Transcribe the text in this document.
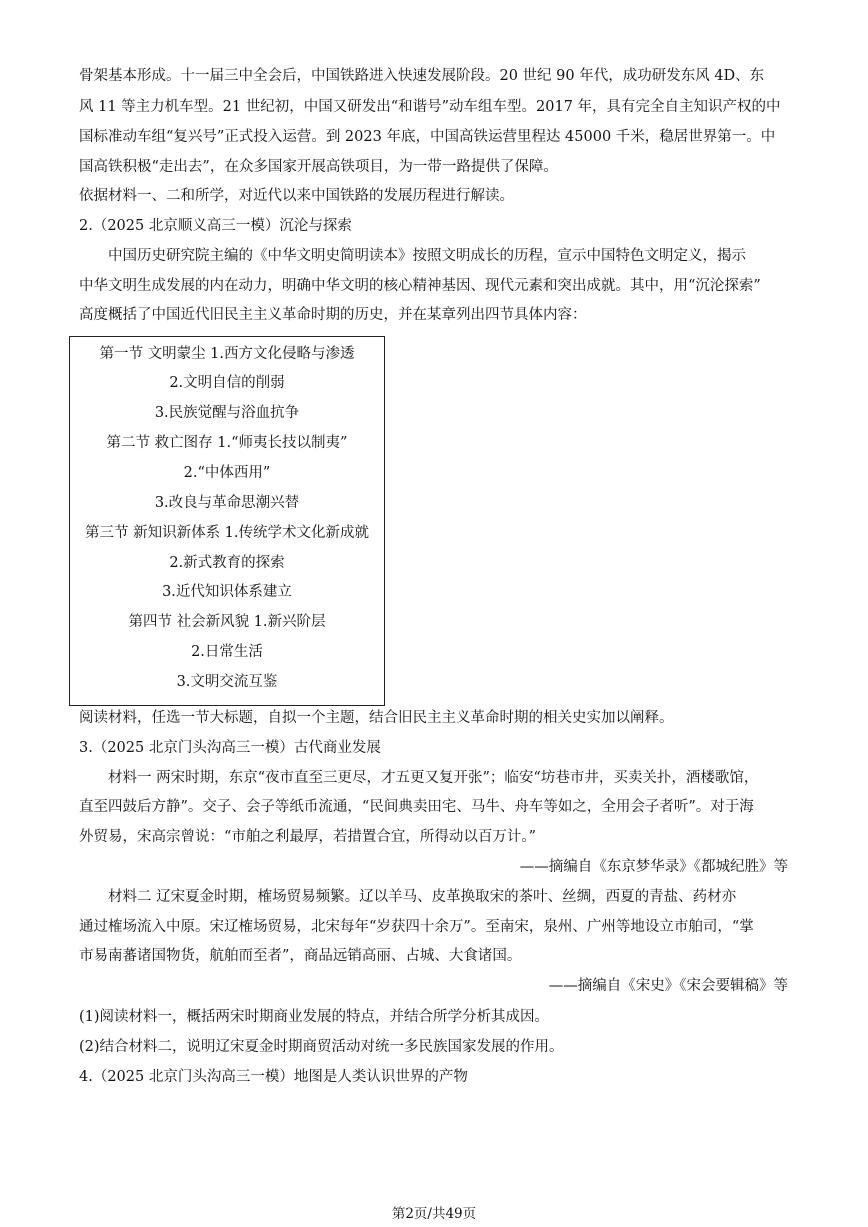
骨架基本形成。十一届三中全会后，中国铁路进入快速发展阶段。20 世纪 90 年代，成功研发东风 4D、东
风 11 等主力机车型。21 世纪初，中国又研发出“和谐号”动车组车型。2017 年，具有完全自主知识产权的中
国标准动车组“复兴号”正式投入运营。到 2023 年底，中国高铁运营里程达 45000 千米，稳居世界第一。中
国高铁积极“走出去”，在众多国家开展高铁项目，为一带一路提供了保障。
依据材料一、二和所学，对近代以来中国铁路的发展历程进行解读。
2.（2025 北京顺义高三一模）沉沦与探索
中国历史研究院主编的《中华文明史简明读本》按照文明成长的历程，宣示中国特色文明定义，揭示
中华文明生成发展的内在动力，明确中华文明的核心精神基因、现代元素和突出成就。其中，用“沉沦探索”
高度概括了中国近代旧民主主义革命时期的历史，并在某章列出四节具体内容：
第一节 文明蒙尘 1.西方文化侵略与渗透
2.文明自信的削弱
3.民族觉醒与浴血抗争
第二节 救亡图存 1.“师夷长技以制夷”
2.“中体西用”
3.改良与革命思潮兴替
第三节 新知识新体系 1.传统学术文化新成就
2.新式教育的探索
3.近代知识体系建立
第四节 社会新风貌 1.新兴阶层
2.日常生活
3.文明交流互鉴
阅读材料，任选一节大标题，自拟一个主题，结合旧民主主义革命时期的相关史实加以阐释。
3.（2025 北京门头沟高三一模）古代商业发展
材料一 两宋时期，东京“夜市直至三更尽，才五更又复开张”；临安“坊巷市井，买卖关扑，酒楼歌馆，
直至四鼓后方静”。交子、会子等纸币流通，“民间典卖田宅、马牛、舟车等如之，全用会子者听”。对于海
外贸易，宋高宗曾说：“市舶之利最厚，若措置合宜，所得动以百万计。”
——摘编自《东京梦华录》《都城纪胜》等
材料二 辽宋夏金时期，榷场贸易频繁。辽以羊马、皮革换取宋的茶叶、丝绸，西夏的青盐、药材亦
通过榷场流入中原。宋辽榷场贸易，北宋每年“岁获四十余万”。至南宋，泉州、广州等地设立市舶司，“掌
市易南蕃诸国物货，航舶而至者”，商品远销高丽、占城、大食诸国。
——摘编自《宋史》《宋会要辑稿》等
(1)阅读材料一，概括两宋时期商业发展的特点，并结合所学分析其成因。
(2)结合材料二，说明辽宋夏金时期商贸活动对统一多民族国家发展的作用。
4.（2025 北京门头沟高三一模）地图是人类认识世界的产物
第2页/共49页
